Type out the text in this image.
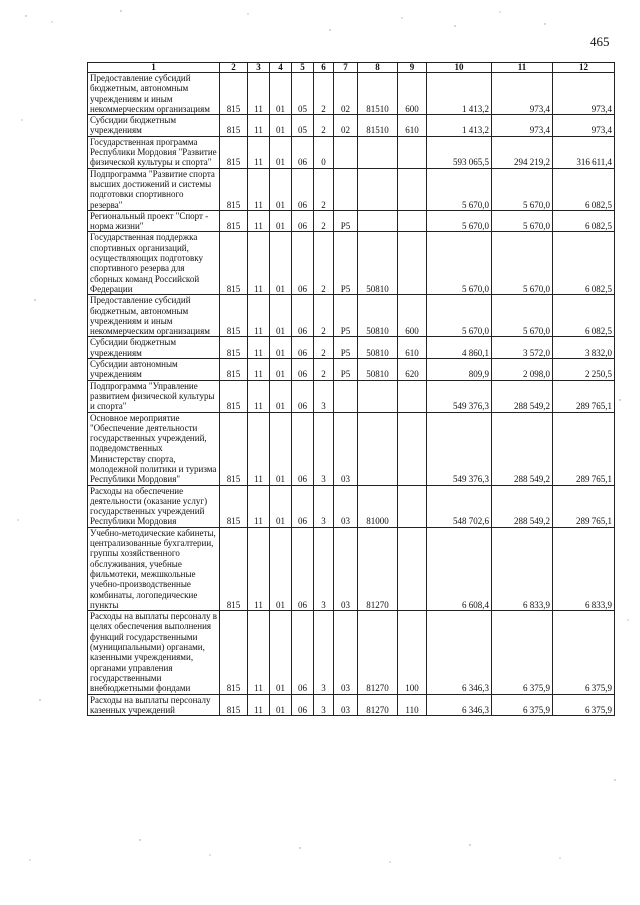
465
1	2	3	4	5	6	7	8	9	10	11	12
Предоставление субсидий бюджетным, автономным учреждениям и иным некоммерческим организациям	815	11	01	05	2	02	81510	600	1 413,2	973,4	973,4
Субсидии бюджетным учреждениям	815	11	01	05	2	02	81510	610	1 413,2	973,4	973,4
Государственная программа Республики Мордовия "Развитие физической культуры и спорта"	815	11	01	06	0				593 065,5	294 219,2	316 611,4
Подпрограмма "Развитие спорта высших достижений и системы подготовки спортивного резерва"	815	11	01	06	2				5 670,0	5 670,0	6 082,5
Региональный проект "Спорт - норма жизни"	815	11	01	06	2	Р5			5 670,0	5 670,0	6 082,5
Государственная поддержка спортивных организаций, осуществляющих подготовку спортивного резерва для сборных команд Российской Федерации	815	11	01	06	2	Р5	50810		5 670,0	5 670,0	6 082,5
Предоставление субсидий бюджетным, автономным учреждениям и иным некоммерческим организациям	815	11	01	06	2	Р5	50810	600	5 670,0	5 670,0	6 082,5
Субсидии бюджетным учреждениям	815	11	01	06	2	Р5	50810	610	4 860,1	3 572,0	3 832,0
Субсидии автономным учреждениям	815	11	01	06	2	Р5	50810	620	809,9	2 098,0	2 250,5
Подпрограмма "Управление развитием физической культуры и спорта"	815	11	01	06	3				549 376,3	288 549,2	289 765,1
Основное мероприятие "Обеспечение деятельности государственных учреждений, подведомственных Министерству спорта, молодежной политики и туризма Республики Мордовия"	815	11	01	06	3	03			549 376,3	288 549,2	289 765,1
Расходы на обеспечение деятельности (оказание услуг) государственных учреждений Республики Мордовия	815	11	01	06	3	03	81000		548 702,6	288 549,2	289 765,1
Учебно-методические кабинеты, централизованные бухгалтерии, группы хозяйственного обслуживания, учебные фильмотеки, межшкольные учебно-производственные комбинаты, логопедические пункты	815	11	01	06	3	03	81270		6 608,4	6 833,9	6 833,9
Расходы на выплаты персоналу в целях обеспечения выполнения функций государственными (муниципальными) органами, казенными учреждениями, органами управления государственными внебюджетными фондами	815	11	01	06	3	03	81270	100	6 346,3	6 375,9	6 375,9
Расходы на выплаты персоналу казенных учреждений	815	11	01	06	3	03	81270	110	6 346,3	6 375,9	6 375,9
